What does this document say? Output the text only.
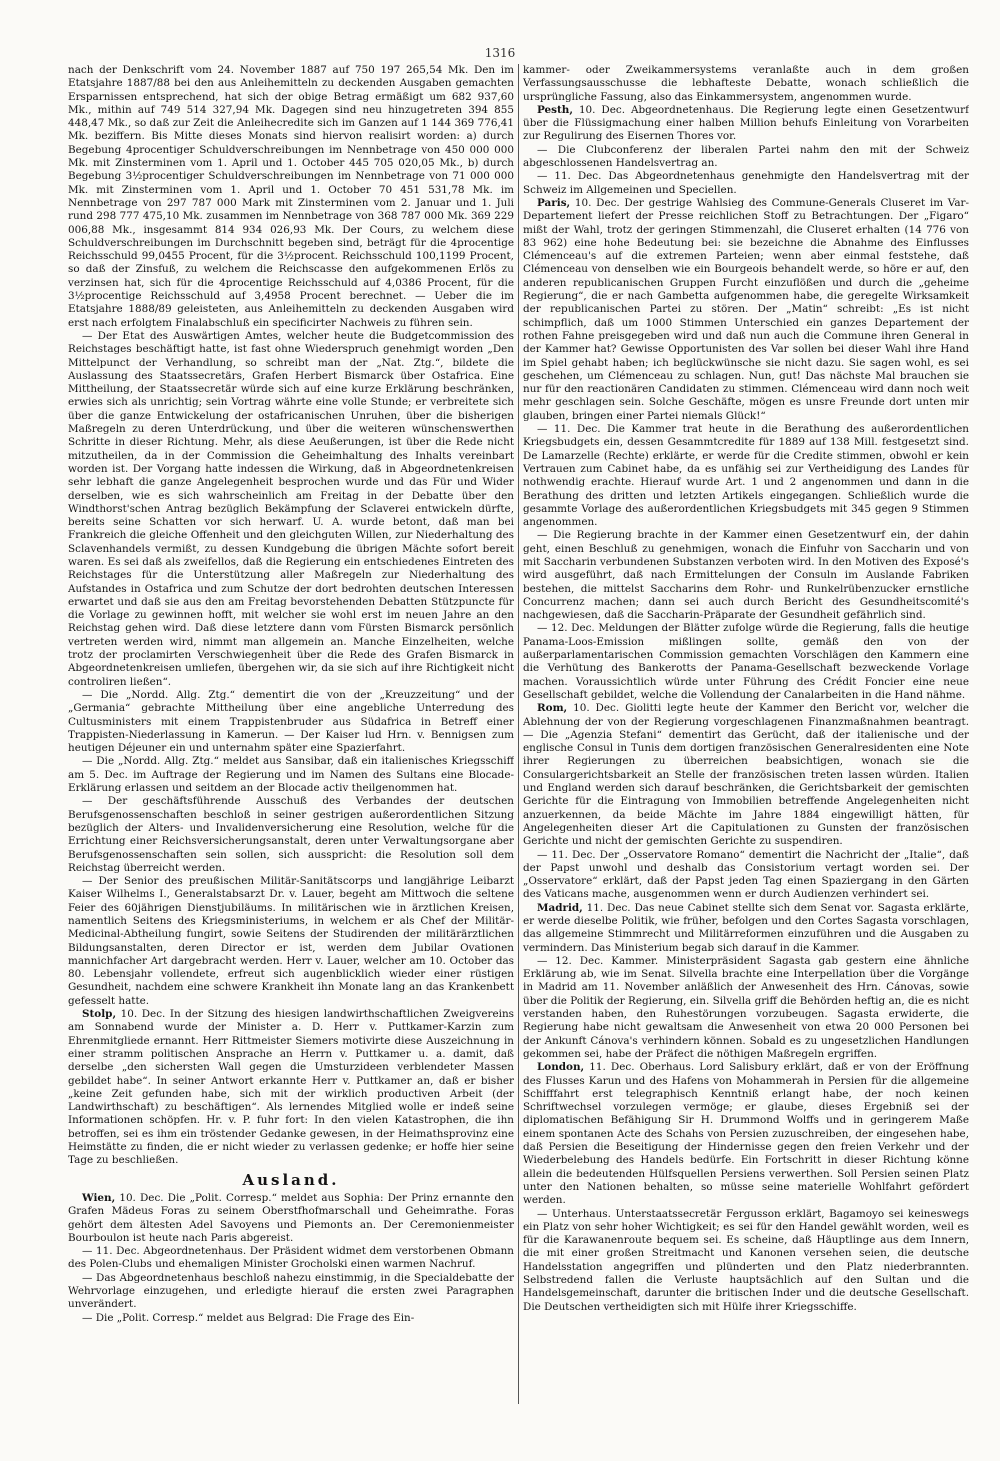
1316

nach der Denkschrift vom 24. November 1887 auf 750 197 265,54 Mk. Den im Etatsjahre 1887/88 bei den aus Anleihemitteln zu deckenden Ausgaben gemachten Ersparnissen entsprechend, hat sich der obige Betrag ermäßigt um 682 937,60 Mk., mithin auf 749 514 327,94 Mk. Dagegen sind neu hinzugetreten 394 855 448,47 Mk., so daß zur Zeit die Anleihecredite sich im Ganzen auf 1 144 369 776,41 Mk. beziffern. Bis Mitte dieses Monats sind hiervon realisirt worden: a) durch Begebung 4procentiger Schuldverschreibungen im Nennbetrage von 450 000 000 Mk. mit Zinsterminen vom 1. April und 1. October 445 705 020,05 Mk., b) durch Begebung 3½procentiger Schuldverschreibungen im Nennbetrage von 71 000 000 Mk. mit Zinsterminen vom 1. April und 1. October 70 451 531,78 Mk. im Nennbetrage von 297 787 000 Mark mit Zinsterminen vom 2. Januar und 1. Juli rund 298 777 475,10 Mk. zusammen im Nennbetrage von 368 787 000 Mk. 369 229 006,88 Mk., insgesammt 814 934 026,93 Mk. Der Cours, zu welchem diese Schuldverschreibungen im Durchschnitt begeben sind, beträgt für die 4procentige Reichsschuld 99,0455 Procent, für die 3½procent. Reichsschuld 100,1199 Procent, so daß der Zinsfuß, zu welchem die Reichscasse den aufgekommenen Erlös zu verzinsen hat, sich für die 4procentige Reichsschuld auf 4,0386 Procent, für die 3½procentige Reichsschuld auf 3,4958 Procent berechnet. — Ueber die im Etatsjahre 1888/89 geleisteten, aus Anleihemitteln zu deckenden Ausgaben wird erst nach erfolgtem Finalabschluß ein specificirter Nachweis zu führen sein.

— Der Etat des Auswärtigen Amtes, welcher heute die Budgetcommission des Reichstages beschäftigt hatte, ist fast ohne Wiederspruch genehmigt worden „Den Mittelpunct der Verhandlung, so schreibt man der „Nat. Ztg.“, bildete die Auslassung des Staatssecretärs, Grafen Herbert Bismarck über Ostafrica. Eine Mittheilung, der Staatssecretär würde sich auf eine kurze Erklärung beschränken, erwies sich als unrichtig; sein Vortrag währte eine volle Stunde; er verbreitete sich über die ganze Entwickelung der ostafricanischen Unruhen, über die bisherigen Maßregeln zu deren Unterdrückung, und über die weiteren wünschenswerthen Schritte in dieser Richtung. Mehr, als diese Aeußerungen, ist über die Rede nicht mitzutheilen, da in der Commission die Geheimhaltung des Inhalts vereinbart worden ist. Der Vorgang hatte indessen die Wirkung, daß in Abgeordnetenkreisen sehr lebhaft die ganze Angelegenheit besprochen wurde und das Für und Wider derselben, wie es sich wahrscheinlich am Freitag in der Debatte über den Windthorst'schen Antrag bezüglich Bekämpfung der Sclaverei entwickeln dürfte, bereits seine Schatten vor sich herwarf. U. A. wurde betont, daß man bei Frankreich die gleiche Offenheit und den gleichguten Willen, zur Niederhaltung des Sclavenhandels vermißt, zu dessen Kundgebung die übrigen Mächte sofort bereit waren. Es sei daß als zweifellos, daß die Regierung ein entschiedenes Eintreten des Reichstages für die Unterstützung aller Maßregeln zur Niederhaltung des Aufstandes in Ostafrica und zum Schutze der dort bedrohten deutschen Interessen erwartet und daß sie aus den am Freitag bevorstehenden Debatten Stützpuncte für die Vorlage zu gewinnen hofft, mit welcher sie wohl erst im neuen Jahre an den Reichstag gehen wird. Daß diese letztere dann vom Fürsten Bismarck persönlich vertreten werden wird, nimmt man allgemein an. Manche Einzelheiten, welche trotz der proclamirten Verschwiegenheit über die Rede des Grafen Bismarck in Abgeordnetenkreisen umliefen, übergehen wir, da sie sich auf ihre Richtigkeit nicht controliren ließen“.

— Die „Nordd. Allg. Ztg.“ dementirt die von der „Kreuzzeitung“ und der „Germania“ gebrachte Mittheilung über eine angebliche Unterredung des Cultusministers mit einem Trappistenbruder aus Südafrica in Betreff einer Trappisten-Niederlassung in Kamerun. — Der Kaiser lud Hrn. v. Bennigsen zum heutigen Déjeuner ein und unternahm später eine Spazierfahrt.

— Die „Nordd. Allg. Ztg.“ meldet aus Sansibar, daß ein italienisches Kriegsschiff am 5. Dec. im Auftrage der Regierung und im Namen des Sultans eine Blocade-Erklärung erlassen und seitdem an der Blocade activ theilgenommen hat.

— Der geschäftsführende Ausschuß des Verbandes der deutschen Berufsgenossenschaften beschloß in seiner gestrigen außerordentlichen Sitzung bezüglich der Alters- und Invalidenversicherung eine Resolution, welche für die Errichtung einer Reichsversicherungsanstalt, deren unter Verwaltungsorgane aber Berufsgenossenschaften sein sollen, sich ausspricht: die Resolution soll dem Reichstag überreicht werden.

— Der Senior des preußischen Militär-Sanitätscorps und langjährige Leibarzt Kaiser Wilhelms I., Generalstabsarzt Dr. v. Lauer, begeht am Mittwoch die seltene Feier des 60jährigen Dienstjubiläums. In militärischen wie in ärztlichen Kreisen, namentlich Seitens des Kriegsministeriums, in welchem er als Chef der Militär-Medicinal-Abtheilung fungirt, sowie Seitens der Studirenden der militärärztlichen Bildungsanstalten, deren Director er ist, werden dem Jubilar Ovationen mannichfacher Art dargebracht werden. Herr v. Lauer, welcher am 10. October das 80. Lebensjahr vollendete, erfreut sich augenblicklich wieder einer rüstigen Gesundheit, nachdem eine schwere Krankheit ihn Monate lang an das Krankenbett gefesselt hatte.

Stolp, 10. Dec. In der Sitzung des hiesigen landwirthschaftlichen Zweigvereins am Sonnabend wurde der Minister a. D. Herr v. Puttkamer-Karzin zum Ehrenmitgliede ernannt. Herr Rittmeister Siemers motivirte diese Auszeichnung in einer stramm politischen Ansprache an Herrn v. Puttkamer u. a. damit, daß derselbe „den sichersten Wall gegen die Umsturzideen verblendeter Massen gebildet habe“. In seiner Antwort erkannte Herr v. Puttkamer an, daß er bisher „keine Zeit gefunden habe, sich mit der wirklich productiven Arbeit (der Landwirthschaft) zu beschäftigen“. Als lernendes Mitglied wolle er indeß seine Informationen schöpfen. Hr. v. P. fuhr fort: In den vielen Katastrophen, die ihn betroffen, sei es ihm ein tröstender Gedanke gewesen, in der Heimathsprovinz eine Heimstätte zu finden, die er nicht wieder zu verlassen gedenke; er hoffe hier seine Tage zu beschließen.

Ausland.

Wien, 10. Dec. Die „Polit. Corresp.“ meldet aus Sophia: Der Prinz ernannte den Grafen Mädeus Foras zu seinem Oberstfhofmarschall und Geheimrathe. Foras gehört dem ältesten Adel Savoyens und Piemonts an. Der Ceremonienmeister Bourboulon ist heute nach Paris abgereist.

— 11. Dec. Abgeordnetenhaus. Der Präsident widmet dem verstorbenen Obmann des Polen-Clubs und ehemaligen Minister Grocholski einen warmen Nachruf.

— Das Abgeordnetenhaus beschloß nahezu einstimmig, in die Specialdebatte der Wehrvorlage einzugehen, und erledigte hierauf die ersten zwei Paragraphen unverändert.

— Die „Polit. Corresp.“ meldet aus Belgrad: Die Frage des Ein-

kammer- oder Zweikammersystems veranlaßte auch in dem großen Verfassungsausschusse die lebhafteste Debatte, wonach schließlich die ursprüngliche Fassung, also das Einkammersystem, angenommen wurde.

Pesth, 10. Dec. Abgeordnetenhaus. Die Regierung legte einen Gesetzentwurf über die Flüssigmachung einer halben Million behufs Einleitung von Vorarbeiten zur Regulirung des Eisernen Thores vor.

— Die Clubconferenz der liberalen Partei nahm den mit der Schweiz abgeschlossenen Handelsvertrag an.

— 11. Dec. Das Abgeordnetenhaus genehmigte den Handelsvertrag mit der Schweiz im Allgemeinen und Speciellen.

Paris, 10. Dec. Der gestrige Wahlsieg des Commune-Generals Cluseret im Var-Departement liefert der Presse reichlichen Stoff zu Betrachtungen. Der „Figaro“ mißt der Wahl, trotz der geringen Stimmenzahl, die Cluseret erhalten (14 776 von 83 962) eine hohe Bedeutung bei: sie bezeichne die Abnahme des Einflusses Clémenceau's auf die extremen Parteien; wenn aber einmal feststehe, daß Clémenceau von denselben wie ein Bourgeois behandelt werde, so höre er auf, den anderen republicanischen Gruppen Furcht einzuflößen und durch die „geheime Regierung“, die er nach Gambetta aufgenommen habe, die geregelte Wirksamkeit der republicanischen Partei zu stören. Der „Matin“ schreibt: „Es ist nicht schimpflich, daß um 1000 Stimmen Unterschied ein ganzes Departement der rothen Fahne preisgegeben wird und daß nun auch die Commune ihren General in der Kammer hat? Gewisse Opportunisten des Var sollen bei dieser Wahl ihre Hand im Spiel gehabt haben; ich beglückwünsche sie nicht dazu. Sie sagen wohl, es sei geschehen, um Clémenceau zu schlagen. Nun, gut! Das nächste Mal brauchen sie nur für den reactionären Candidaten zu stimmen. Clémenceau wird dann noch weit mehr geschlagen sein. Solche Geschäfte, mögen es unsre Freunde dort unten mir glauben, bringen einer Partei niemals Glück!“

— 11. Dec. Die Kammer trat heute in die Berathung des außerordentlichen Kriegsbudgets ein, dessen Gesammtcredite für 1889 auf 138 Mill. festgesetzt sind. De Lamarzelle (Rechte) erklärte, er werde für die Credite stimmen, obwohl er kein Vertrauen zum Cabinet habe, da es unfähig sei zur Vertheidigung des Landes für nothwendig erachte. Hierauf wurde Art. 1 und 2 angenommen und dann in die Berathung des dritten und letzten Artikels eingegangen. Schließlich wurde die gesammte Vorlage des außerordentlichen Kriegsbudgets mit 345 gegen 9 Stimmen angenommen.

— Die Regierung brachte in der Kammer einen Gesetzentwurf ein, der dahin geht, einen Beschluß zu genehmigen, wonach die Einfuhr von Saccharin und von mit Saccharin verbundenen Substanzen verboten wird. In den Motiven des Exposé's wird ausgeführt, daß nach Ermittelungen der Consuln im Auslande Fabriken bestehen, die mittelst Saccharins dem Rohr- und Runkelrübenzucker ernstliche Concurrenz machen; dann sei auch durch Bericht des Gesundheitscomité's nachgewiesen, daß die Saccharin-Präparate der Gesundheit gefährlich sind.

— 12. Dec. Meldungen der Blätter zufolge würde die Regierung, falls die heutige Panama-Loos-Emission mißlingen sollte, gemäß den von der außerparlamentarischen Commission gemachten Vorschlägen den Kammern eine die Verhütung des Bankerotts der Panama-Gesellschaft bezweckende Vorlage machen. Voraussichtlich würde unter Führung des Crédit Foncier eine neue Gesellschaft gebildet, welche die Vollendung der Canalarbeiten in die Hand nähme.

Rom, 10. Dec. Giolitti legte heute der Kammer den Bericht vor, welcher die Ablehnung der von der Regierung vorgeschlagenen Finanzmaßnahmen beantragt. — Die „Agenzia Stefani“ dementirt das Gerücht, daß der italienische und der englische Consul in Tunis dem dortigen französischen Generalresidenten eine Note ihrer Regierungen zu überreichen beabsichtigen, wonach sie die Consulargerichtsbarkeit an Stelle der französischen treten lassen würden. Italien und England werden sich darauf beschränken, die Gerichtsbarkeit der gemischten Gerichte für die Eintragung von Immobilien betreffende Angelegenheiten nicht anzuerkennen, da beide Mächte im Jahre 1884 eingewilligt hätten, für Angelegenheiten dieser Art die Capitulationen zu Gunsten der französischen Gerichte und nicht der gemischten Gerichte zu suspendiren.

— 11. Dec. Der „Osservatore Romano“ dementirt die Nachricht der „Italie“, daß der Papst unwohl und deshalb das Consistorium vertagt worden sei. Der „Osservatore“ erklärt, daß der Papst jeden Tag einen Spaziergang in den Gärten des Vaticans mache, ausgenommen wenn er durch Audienzen verhindert sei.

Madrid, 11. Dec. Das neue Cabinet stellte sich dem Senat vor. Sagasta erklärte, er werde dieselbe Politik, wie früher, befolgen und den Cortes Sagasta vorschlagen, das allgemeine Stimmrecht und Militärreformen einzuführen und die Ausgaben zu vermindern. Das Ministerium begab sich darauf in die Kammer.

— 12. Dec. Kammer. Ministerpräsident Sagasta gab gestern eine ähnliche Erklärung ab, wie im Senat. Silvella brachte eine Interpellation über die Vorgänge in Madrid am 11. November anläßlich der Anwesenheit des Hrn. Cánovas, sowie über die Politik der Regierung, ein. Silvella griff die Behörden heftig an, die es nicht verstanden haben, den Ruhestörungen vorzubeugen. Sagasta erwiderte, die Regierung habe nicht gewaltsam die Anwesenheit von etwa 20 000 Personen bei der Ankunft Cánova's verhindern können. Sobald es zu ungesetzlichen Handlungen gekommen sei, habe der Präfect die nöthigen Maßregeln ergriffen.

London, 11. Dec. Oberhaus. Lord Salisbury erklärt, daß er von der Eröffnung des Flusses Karun und des Hafens von Mohammerah in Persien für die allgemeine Schifffahrt erst telegraphisch Kenntniß erlangt habe, der noch keinen Schriftwechsel vorzulegen vermöge; er glaube, dieses Ergebniß sei der diplomatischen Befähigung Sir H. Drummond Wolffs und in geringerem Maße einem spontanen Acte des Schahs von Persien zuzuschreiben, der eingesehen habe, daß Persien die Beseitigung der Hindernisse gegen den freien Verkehr und der Wiederbelebung des Handels bedürfe. Ein Fortschritt in dieser Richtung könne allein die bedeutenden Hülfsquellen Persiens verwerthen. Soll Persien seinen Platz unter den Nationen behalten, so müsse seine materielle Wohlfahrt gefördert werden.

— Unterhaus. Unterstaatssecretär Fergusson erklärt, Bagamoyo sei keineswegs ein Platz von sehr hoher Wichtigkeit; es sei für den Handel gewählt worden, weil es für die Karawanenroute bequem sei. Es scheine, daß Häuptlinge aus dem Innern, die mit einer großen Streitmacht und Kanonen versehen seien, die deutsche Handelsstation angegriffen und plünderten und den Platz niederbrannten. Selbstredend fallen die Verluste hauptsächlich auf den Sultan und die Handelsgemeinschaft, darunter die britischen Inder und die deutsche Gesellschaft. Die Deutschen vertheidigten sich mit Hülfe ihrer Kriegsschiffe.
